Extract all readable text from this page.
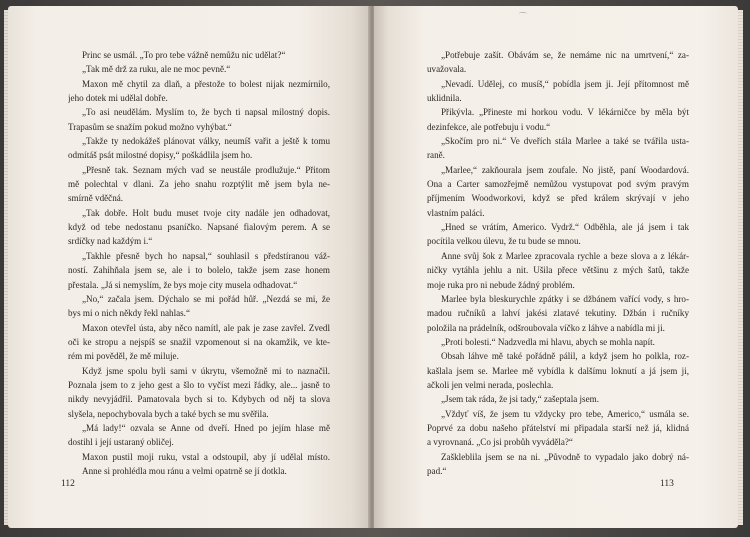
Princ se usmál. „To pro tebe vážně nemůžu nic udělat?“
„Tak mě drž za ruku, ale ne moc pevně.“
Maxon mě chytil za dlaň, a přestože to bolest nijak nezmírnilo,
jeho dotek mi udělal dobře.
„To asi neudělám. Myslím to, že bych ti napsal milostný dopis.
Trapasům se snažím pokud možno vyhýbat.“
„Takže ty nedokážeš plánovat války, neumíš vařit a ještě k tomu
odmítáš psát milostné dopisy,“ poškádlila jsem ho.
„Přesně tak. Seznam mých vad se neustále prodlužuje.“ Přitom
mě polechtal v dlani. Za jeho snahu rozptýlit mě jsem byla ne-
smírně vděčná.
„Tak dobře. Holt budu muset tvoje city nadále jen odhadovat,
když od tebe nedostanu psaníčko. Napsané fialovým perem. A se
srdíčky nad každým i.“
„Takhle přesně bych ho napsal,“ souhlasil s předstíranou váž-
ností. Zahihňala jsem se, ale i to bolelo, takže jsem zase honem
přestala. „Já si nemyslím, že bys moje city musela odhadovat.“
„No,“ začala jsem. Dýchalo se mi pořád hůř. „Nezdá se mi, že
bys mi o nich někdy řekl nahlas.“
Maxon otevřel ústa, aby něco namítl, ale pak je zase zavřel. Zvedl
oči ke stropu a nejspíš se snažil vzpomenout si na okamžik, ve kte-
rém mi pověděl, že mě miluje.
Když jsme spolu byli sami v úkrytu, všemožně mi to naznačil.
Poznala jsem to z jeho gest a šlo to vyčíst mezi řádky, ale... jasně to
nikdy nevyjádřil. Pamatovala bych si to. Kdybych od něj ta slova
slyšela, nepochybovala bych a také bych se mu svěřila.
„Má lady!“ ozvala se Anne od dveří. Hned po jejím hlase mě
dostihl i její ustaraný obličej.
Maxon pustil moji ruku, vstal a odstoupil, aby jí udělal místo.
Anne si prohlédla mou ránu a velmi opatrně se jí dotkla.
112
⌒
„Potřebuje zašít. Obávám se, že nemáme nic na umrtvení,“ za-
uvažovala.
„Nevadí. Udělej, co musíš,“ pobídla jsem ji. Její přítomnost mě
uklidnila.
Přikývla. „Přineste mi horkou vodu. V lékárničce by měla být
dezinfekce, ale potřebuju i vodu.“
„Skočím pro ni.“ Ve dveřích stála Marlee a také se tvářila usta-
raně.
„Marlee,“ zakňourala jsem zoufale. No jistě, paní Woodardová.
Ona a Carter samozřejmě nemůžou vystupovat pod svým pravým
příjmením Woodworkovi, když se před králem skrývají v jeho
vlastním paláci.
„Hned se vrátím, Americo. Vydrž.“ Odběhla, ale já jsem i tak
pocítila velkou úlevu, že tu bude se mnou.
Anne svůj šok z Marlee zpracovala rychle a beze slova a z lékár-
ničky vytáhla jehlu a nit. Ušila přece většinu z mých šatů, takže
moje ruka pro ni nebude žádný problém.
Marlee byla bleskurychle zpátky i se džbánem vařící vody, s hro-
madou ručníků a lahví jakési zlatavé tekutiny. Džbán i ručníky
položila na prádelník, odšroubovala víčko z láhve a nabídla mi ji.
„Proti bolesti.“ Nadzvedla mi hlavu, abych se mohla napít.
Obsah láhve mě také pořádně pálil, a když jsem ho polkla, roz-
kašlala jsem se. Marlee mě vybídla k dalšímu loknutí a já jsem ji,
ačkoli jen velmi nerada, poslechla.
„Jsem tak ráda, že jsi tady,“ zašeptala jsem.
„Vždyť víš, že jsem tu vždycky pro tebe, Americo,“ usmála se.
Poprvé za dobu našeho přátelství mi připadala starší než já, klidná
a vyrovnaná. „Co jsi probůh vyváděla?“
Zaškleblila jsem se na ni. „Původně to vypadalo jako dobrý ná-
pad.“
113
